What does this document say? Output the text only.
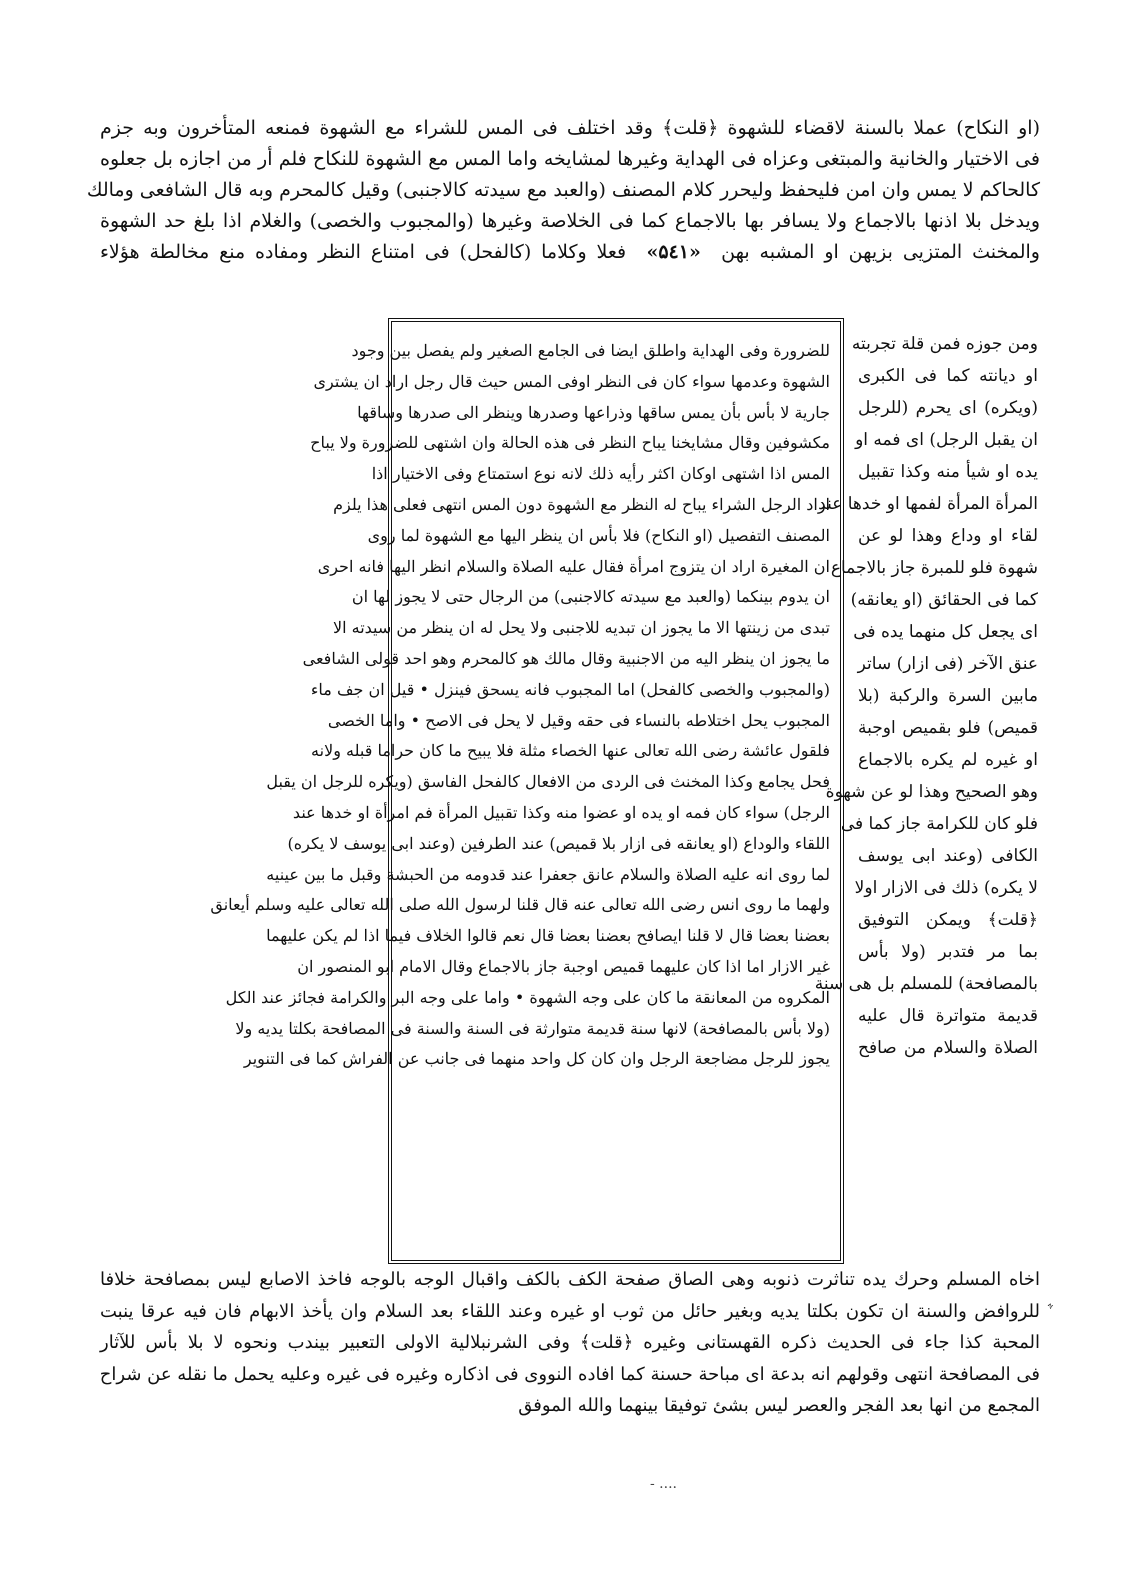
(او النكاح) عملا بالسنة لاقضاء للشهوة ﴿قلت﴾ وقد اختلف فى المس للشراء مع الشهوة فمنعه المتأخرون وبه جزم
فى الاختيار والخانية والمبتغى وعزاه فى الهداية وغيرها لمشايخه واما المس مع الشهوة للنكاح فلم أر من اجازه بل جعلوه
كالحاكم لا يمس وان امن فليحفظ وليحرر كلام المصنف (والعبد مع سيدته كالاجنبى) وقيل كالمحرم وبه قال الشافعى ومالك
ويدخل بلا اذنها بالاجماع ولا يسافر بها بالاجماع كما فى الخلاصة وغيرها (والمجبوب والخصى) والغلام اذا بلغ حد الشهوة
والمخنث المتزيى بزيهن او المشبه بهن  «۵٤١»  فعلا وكلاما (كالفحل) فى امتناع النظر ومفاده منع مخالطة هؤلاء
ومن جوزه فمن قلة تجربته
او ديانته كما فى الكبرى
(ويكره) اى يحرم (للرجل
ان يقبل الرجل) اى فمه او
يده او شيأ منه وكذا تقبيل
المرأة المرأة لفمها او خدها عند
لقاء او وداع وهذا لو عن
شهوة فلو للمبرة جاز بالاجماع
كما فى الحقائق (او يعانقه)
اى يجعل كل منهما يده فى
عنق الآخر (فى ازار) ساتر
مابين السرة والركبة (بلا
قميص) فلو بقميص اوجبة
او غيره لم يكره بالاجماع
وهو الصحيح وهذا لو عن شهوة
فلو كان للكرامة جاز كما فى
الكافى (وعند ابى يوسف
لا يكره) ذلك فى الازار اولا
﴿قلت﴾ ويمكن التوفيق
بما مر فتدبر (ولا بأس
بالمصافحة) للمسلم بل هى سنة
قديمة متواترة قال عليه
الصلاة والسلام من صافح
للضرورة وفى الهداية واطلق ايضا فى الجامع الصغير ولم يفصل بين وجود
الشهوة وعدمها سواء كان فى النظر اوفى المس حيث قال رجل اراد ان يشترى
جارية لا بأس بأن يمس ساقها وذراعها وصدرها وينظر الى صدرها وساقها
مكشوفين وقال مشايخنا يباح النظر فى هذه الحالة وان اشتهى للضرورة ولا يباح
المس اذا اشتهى اوكان اكثر رأيه ذلك لانه نوع استمتاع وفى الاختيار اذا
اراد الرجل الشراء يباح له النظر مع الشهوة دون المس انتهى فعلى هذا يلزم
المصنف التفصيل (او النكاح) فلا بأس ان ينظر اليها مع الشهوة لما روى
ان المغيرة اراد ان يتزوج امرأة فقال عليه الصلاة والسلام انظر اليها فانه احرى
ان يدوم بينكما (والعبد مع سيدته كالاجنبى) من الرجال حتى لا يجوز لها ان
تبدى من زينتها الا ما يجوز ان تبديه للاجنبى ولا يحل له ان ينظر من سيدته الا
ما يجوز ان ينظر اليه من الاجنبية وقال مالك هو كالمحرم وهو احد قولى الشافعى
(والمجبوب والخصى كالفحل) اما المجبوب فانه يسحق فينزل • قيل ان جف ماء
المجبوب يحل اختلاطه بالنساء فى حقه وقيل لا يحل فى الاصح • واما الخصى
فلقول عائشة رضى الله تعالى عنها الخصاء مثلة فلا يبيح ما كان حراما قبله ولانه
فحل يجامع وكذا المخنث فى الردى من الافعال كالفحل الفاسق (ويكره للرجل ان يقبل
الرجل) سواء كان فمه او يده او عضوا منه وكذا تقبيل المرأة فم امرأة او خدها عند
اللقاء والوداع (او يعانقه فى ازار بلا قميص) عند الطرفين (وعند ابى يوسف لا يكره)
لما روى انه عليه الصلاة والسلام عانق جعفرا عند قدومه من الحبشة وقبل ما بين عينيه
ولهما ما روى انس رضى الله تعالى عنه قال قلنا لرسول الله صلى الله تعالى عليه وسلم أيعانق
بعضنا بعضا قال لا قلنا ايصافح بعضنا بعضا قال نعم قالوا الخلاف فيما اذا لم يكن عليهما
غير الازار اما اذا كان عليهما قميص اوجبة جاز بالاجماع وقال الامام ابو المنصور ان
المكروه من المعانقة ما كان على وجه الشهوة • واما على وجه البر والكرامة فجائز عند الكل
(ولا بأس بالمصافحة) لانها سنة قديمة متوارثة فى السنة والسنة فى المصافحة بكلتا يديه ولا
يجوز للرجل مضاجعة الرجل وان كان كل واحد منهما فى جانب عن الفراش كما فى التنوير
اخاه المسلم وحرك يده تناثرت ذنوبه وهى الصاق صفحة الكف بالكف واقبال الوجه بالوجه فاخذ الاصابع ليس بمصافحة خلافا
للروافض والسنة ان تكون بكلتا يديه وبغير حائل من ثوب او غيره وعند اللقاء بعد السلام وان يأخذ الابهام فان فيه عرقا ينبت
المحبة كذا جاء فى الحديث ذكره القهستانى وغيره ﴿قلت﴾ وفى الشرنبلالية الاولى التعبير بيندب ونحوه لا بلا بأس للآثار
فى المصافحة انتهى وقولهم انه بدعة اى مباحة حسنة كما افاده النووى فى اذكاره وغيره فى غيره وعليه يحمل ما نقله عن شراح
المجمع من انها بعد الفجر والعصر ليس بشئ توفيقا بينهما والله الموفق
ﮩ
- ....
